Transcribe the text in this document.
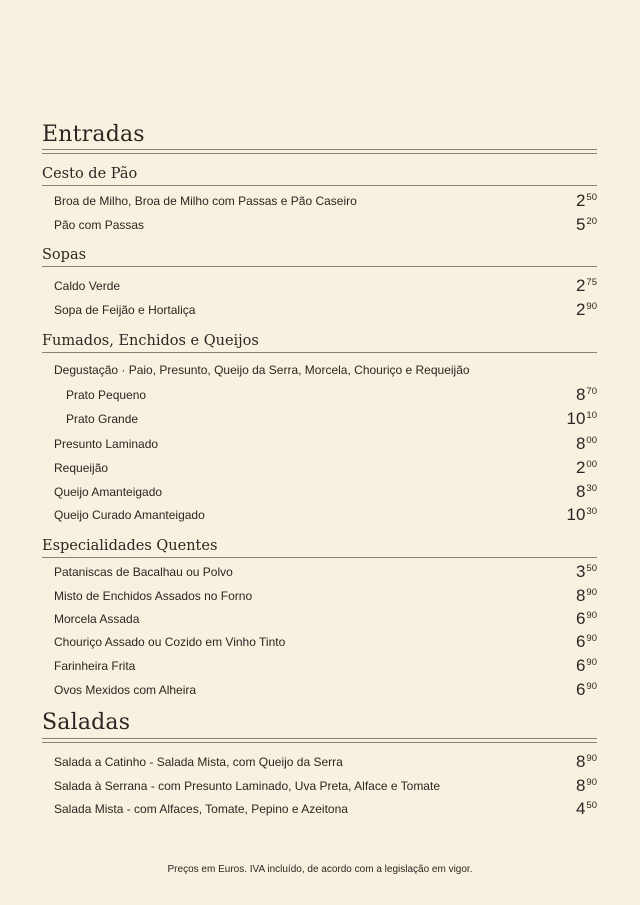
Entradas
Cesto de Pão
Broa de Milho, Broa de Milho com Passas e Pão Caseiro	$2^{50}$
Pão com Passas	$5^{20}$
Sopas
Caldo Verde	$2^{75}$
Sopa de Feijão e Hortaliça	$2^{90}$
Fumados, Enchidos e Queijos
Degustação · Paio, Presunto, Queijo da Serra, Morcela, Chouriço e Requeijão
Prato Pequeno	$8^{70}$
Prato Grande	$10^{10}$
Presunto Laminado	$8^{00}$
Requeijão	$2^{00}$
Queijo Amanteigado	$8^{30}$
Queijo Curado Amanteigado	$10^{30}$
Especialidades Quentes
Pataniscas de Bacalhau ou Polvo	$3^{50}$
Misto de Enchidos Assados no Forno	$8^{90}$
Morcela Assada	$6^{90}$
Chouriço Assado ou Cozido em Vinho Tinto	$6^{90}$
Farinheira Frita	$6^{90}$
Ovos Mexidos com Alheira	$6^{90}$
Saladas
Salada a Catinho - Salada Mista, com Queijo da Serra	$8^{90}$
Salada à Serrana - com Presunto Laminado, Uva Preta, Alface e Tomate	$8^{90}$
Salada Mista - com Alfaces, Tomate, Pepino e Azeitona	$4^{50}$
Preços em Euros. IVA incluído, de acordo com a legislação em vigor.
